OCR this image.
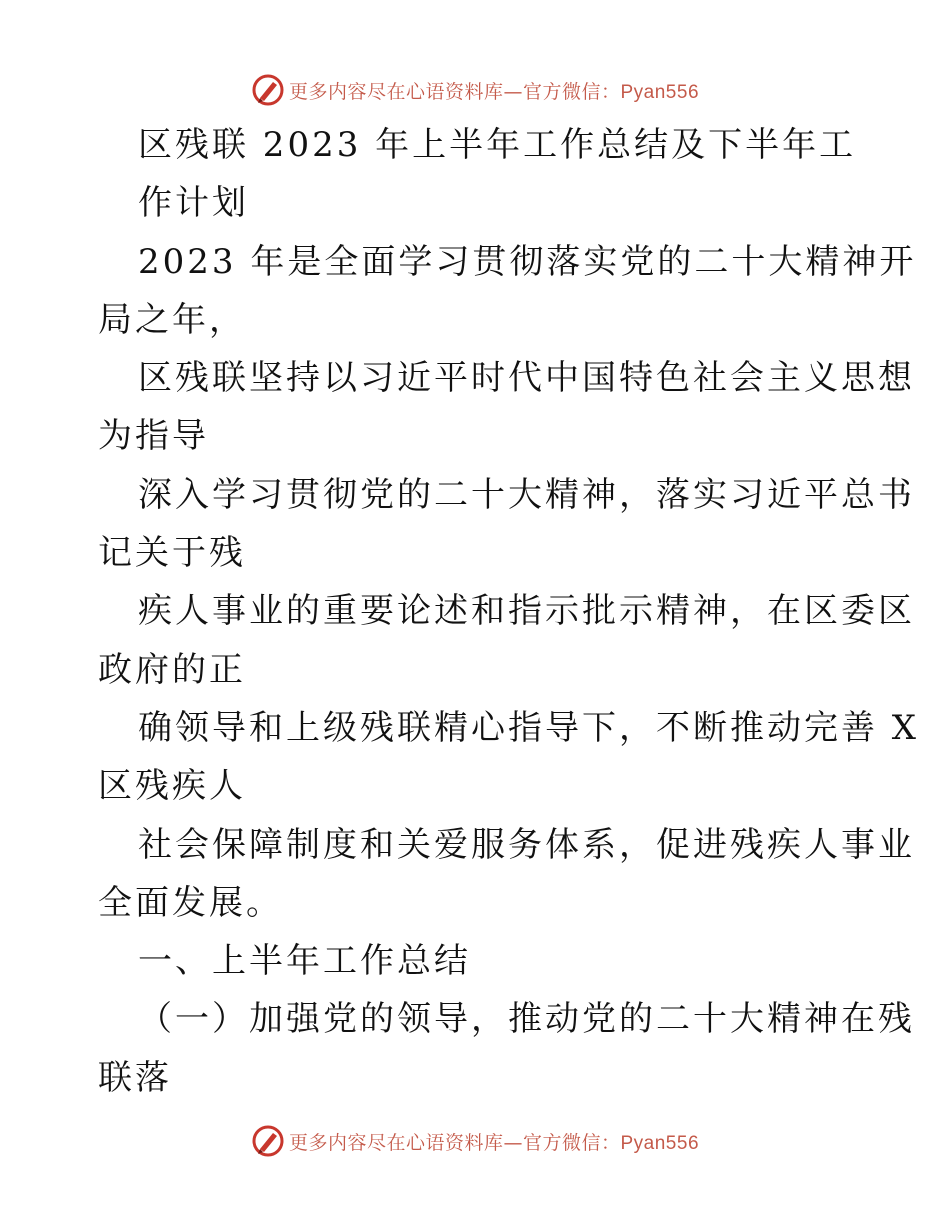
更多内容尽在心语资料库—官方微信：Pyan556
区残联 2023 年上半年工作总结及下半年工
作计划
2023 年是全面学习贯彻落实党的二十大精神开
局之年，
区残联坚持以习近平时代中国特色社会主义思想
为指导
深入学习贯彻党的二十大精神，落实习近平总书
记关于残
疾人事业的重要论述和指示批示精神，在区委区
政府的正
确领导和上级残联精心指导下，不断推动完善 X
区残疾人
社会保障制度和关爱服务体系，促进残疾人事业
全面发展。
一、上半年工作总结
（一）加强党的领导，推动党的二十大精神在残
联落
更多内容尽在心语资料库—官方微信：Pyan556
